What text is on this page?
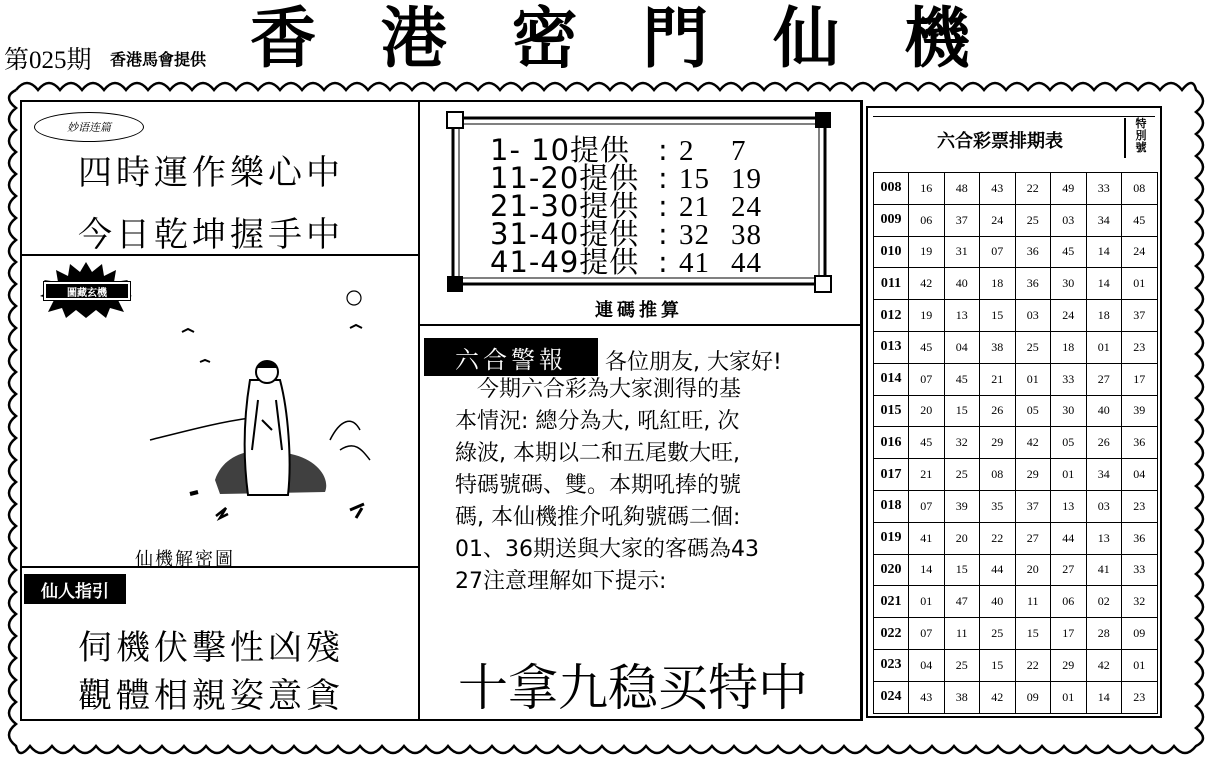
第025期 香港馬會提供 香 港 密 門 仙 機
妙语连篇
四時運作樂心中
今日乾坤握手中
圖藏玄機
仙機解密圖
仙人指引
伺機伏擊性凶殘
觀體相親姿意貪
1- 10提供 : 2 7
11-20提供 : 15 19
21-30提供 : 21 24
31-40提供 : 32 38
41-49提供 : 41 44
連碼推算
六合警報	各位朋友, 大家好!
　今期六合彩為大家測得的基
本情況: 總分為大, 吼紅旺, 次
綠波, 本期以二和五尾數大旺,
特碼號碼、雙。本期吼捧的號
碼, 本仙機推介吼夠號碼二個:
01、36期送與大家的客碼為43
27注意理解如下提示:
十拿九稳买特中
六合彩票排期表
特別號
008	16	48	43	22	49	33	08
009	06	37	24	25	03	34	45
010	19	31	07	36	45	14	24
011	42	40	18	36	30	14	01
012	19	13	15	03	24	18	37
013	45	04	38	25	18	01	23
014	07	45	21	01	33	27	17
015	20	15	26	05	30	40	39
016	45	32	29	42	05	26	36
017	21	25	08	29	01	34	04
018	07	39	35	37	13	03	23
019	41	20	22	27	44	13	36
020	14	15	44	20	27	41	33
021	01	47	40	11	06	02	32
022	07	11	25	15	17	28	09
023	04	25	15	22	29	42	01
024	43	38	42	09	01	14	23
